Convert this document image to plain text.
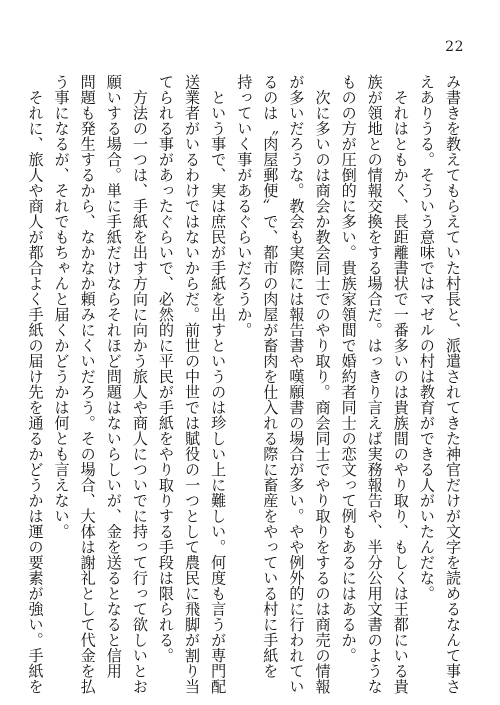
22
み書きを教えてもらえていた村長と、派遣されてきた神官だけが文字を読めるなんて事さ
えありうる。そういう意味ではマゼルの村は教育ができる人がいたんだな。
　それはともかく、長距離書状で一番多いのは貴族間のやり取り、もしくは王都にいる貴
族が領地との情報交換をする場合だ。はっきり言えば実務報告や、半分公用文書のような
ものの方が圧倒的に多い。貴族家領間で婚約者同士の恋文って例もあるにはあるか。
　次に多いのは商会か教会同士でのやり取り。商会同士でやり取りをするのは商売の情報
が多いだろうな。教会も実際には報告書や嘆願書の場合が多い。やや例外的に行われてい
るのは〝肉屋郵便〟で、都市の肉屋が畜肉を仕入れる際に畜産をやっている村に手紙を
持っていく事があるぐらいだろうか。
　という事で、実は庶民が手紙を出すというのは珍しい上に難しい。何度も言うが専門配
送業者がいるわけではないからだ。前世の中世では賦役の一つとして農民に飛脚が割り当
てられる事があったぐらいで、必然的に平民が手紙をやり取りする手段は限られる。
　方法の一つは、手紙を出す方向に向かう旅人や商人についでに持って行って欲しいとお
願いする場合。単に手紙だけならそれほど問題はないらしいが、金を送るとなると信用
問題も発生するから、なかなか頼みにくいだろう。その場合、大体は謝礼として代金を払
う事になるが、それでもちゃんと届くかどうかは何とも言えない。
　それに、旅人や商人が都合よく手紙の届け先を通るかどうかは運の要素が強い。手紙を
